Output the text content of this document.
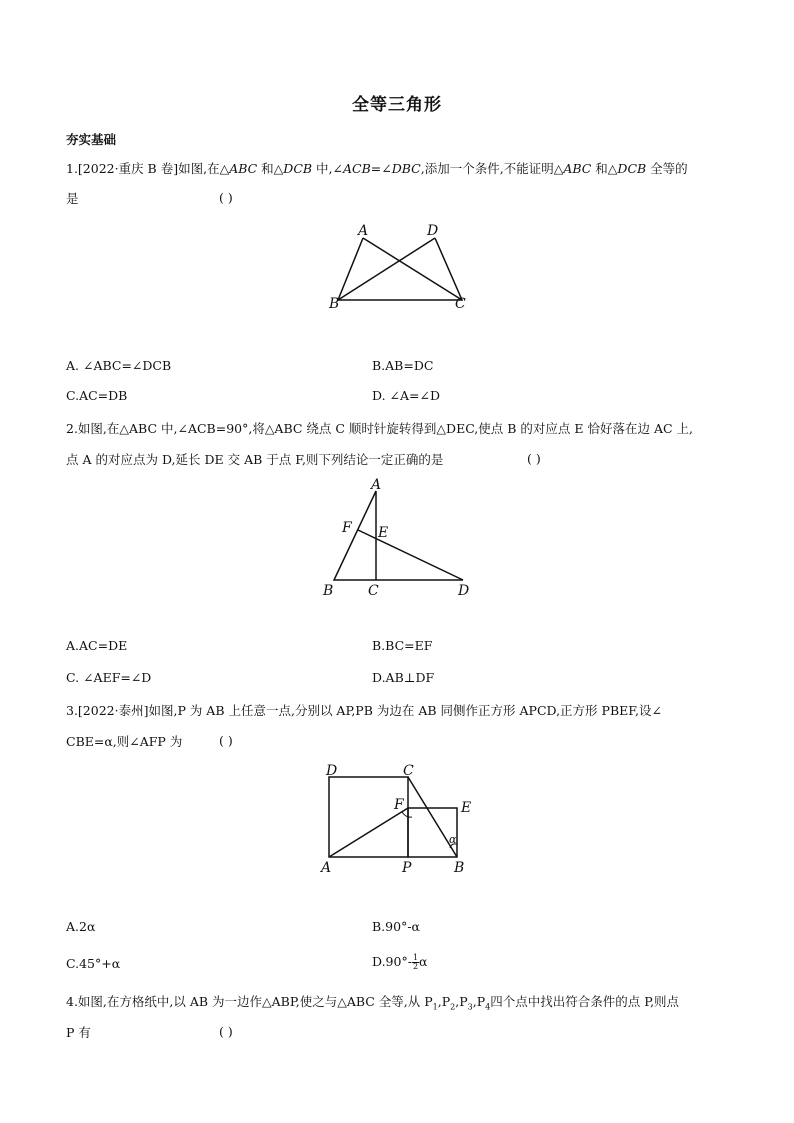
全等三角形
夯实基础
1.[2022·重庆 B 卷]如图,在△ABC 和△DCB 中,∠ACB=∠DBC,添加一个条件,不能证明△ABC 和△DCB 全等的
是	( )
A	D
B	C
A. ∠ABC=∠DCB	B.AB=DC
C.AC=DB	D. ∠A=∠D
2.如图,在△ABC 中,∠ACB=90°,将△ABC 绕点 C 顺时针旋转得到△DEC,使点 B 的对应点 E 恰好落在边 AC 上,
点 A 的对应点为 D,延长 DE 交 AB 于点 F,则下列结论一定正确的是	( )
A
F E
B C	D
A.AC=DE	B.BC=EF
C. ∠AEF=∠D	D.AB⊥DF
3.[2022·泰州]如图,P 为 AB 上任意一点,分别以 AP,PB 为边在 AB 同侧作正方形 APCD,正方形 PBEF,设∠
CBE=α,则∠AFP 为	( )
D	C
F	E
α
A	P	B
A.2α	B.90°-α
C.45°+α	$D.90^\circ- \frac{1}{2}$ α
4.如图,在方格纸中,以 AB 为一边作△ABP,使之与△ABC 全等,从 $P_1,P_2,P_3,P_4$四个点中找出符合条件的点 P,则点
P 有	( )
